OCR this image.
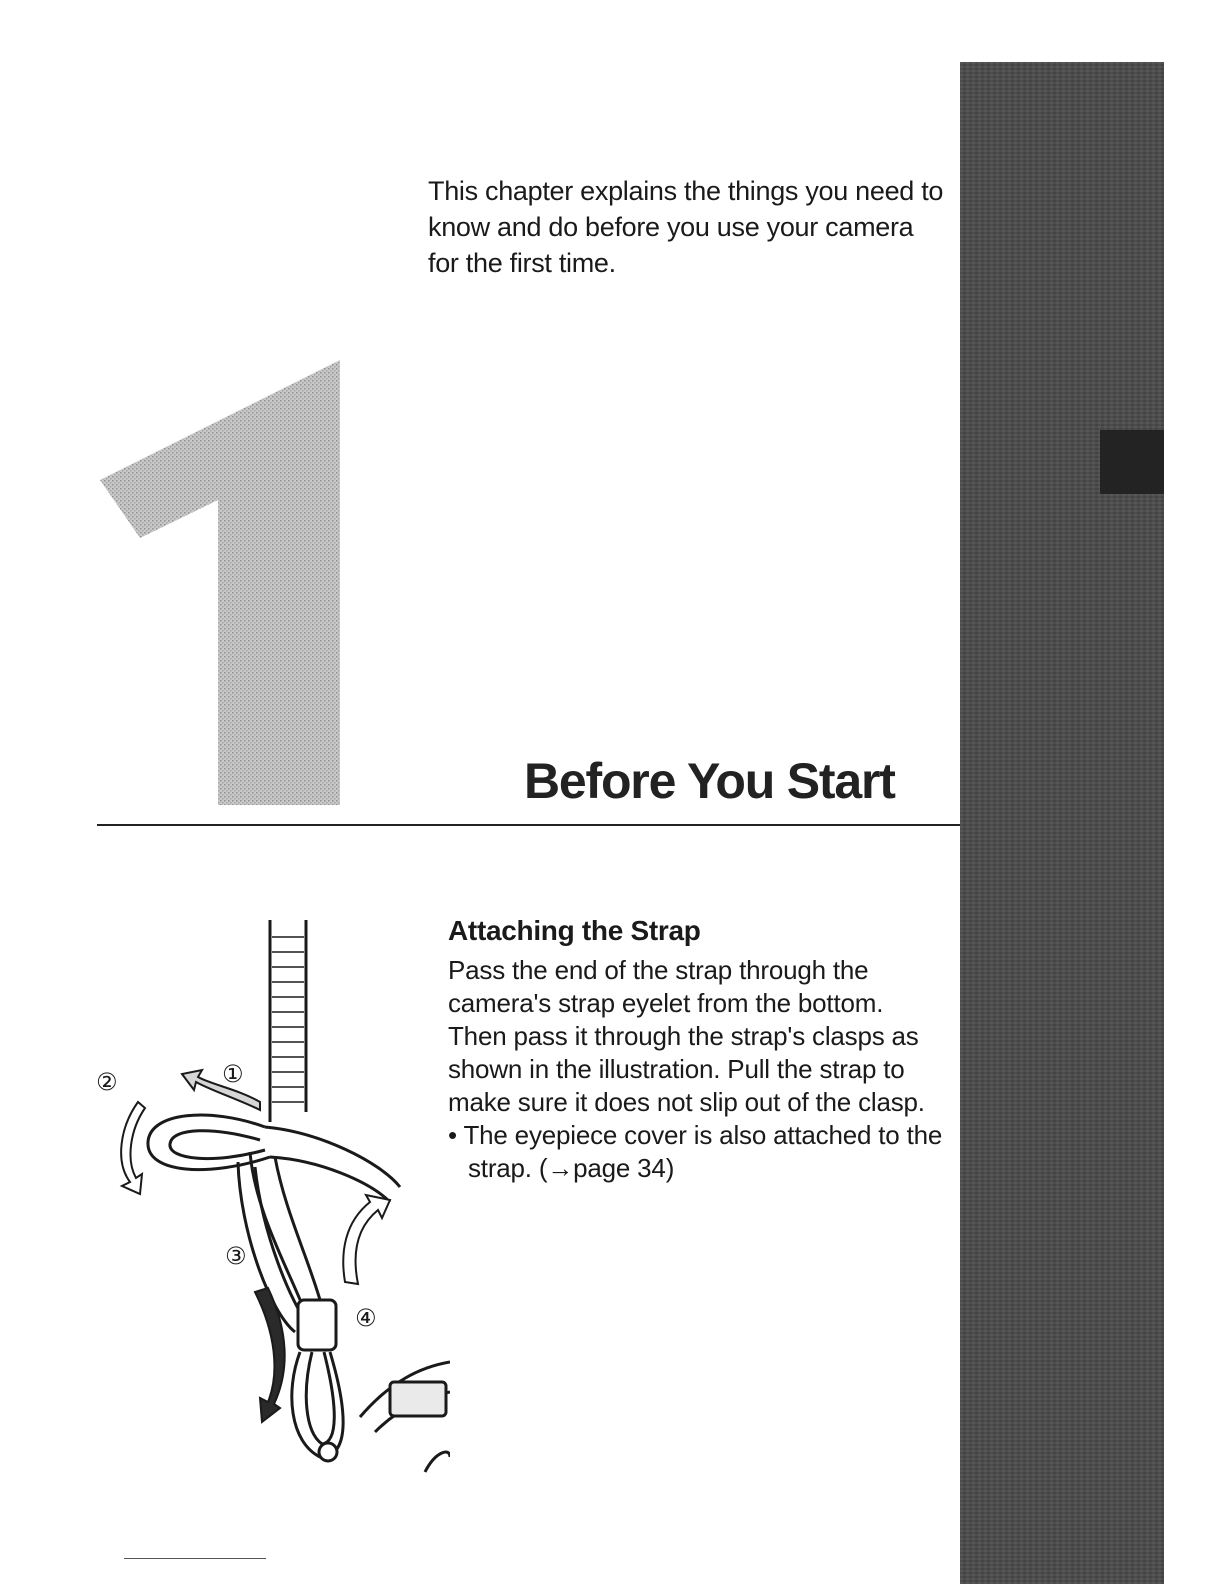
This chapter explains the things you need to know and do before you use your camera for the first time.

1
Before You Start
①
②
③
④
Attaching the Strap

Pass the end of the strap through the camera's strap eyelet from the bottom. Then pass it through the strap's clasps as shown in the illustration. Pull the strap to make sure it does not slip out of the clasp.

• The eyepiece cover is also attached to the strap. (→page 34)
